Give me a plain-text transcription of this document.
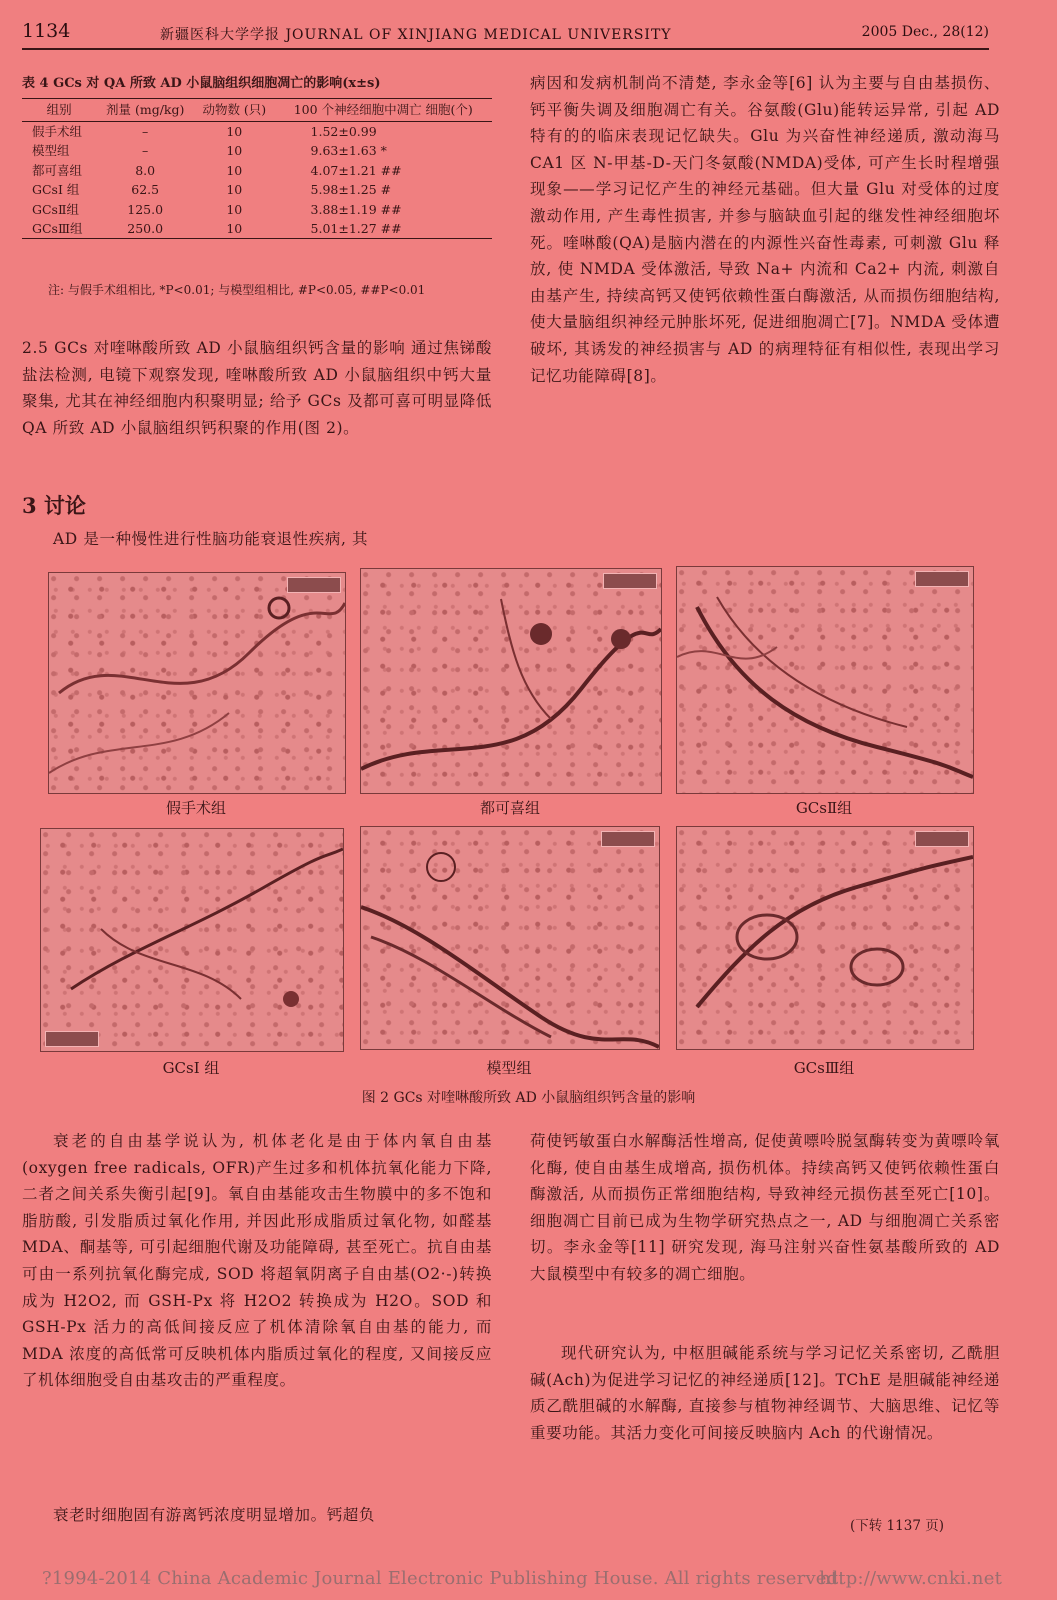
1134	新疆医科大学学报 JOURNAL OF XINJIANG MEDICAL UNIVERSITY	2005 Dec., 28(12)
表 4 GCs 对 QA 所致 AD 小鼠脑组织细胞凋亡的影响(x±s)
组别	剂量 (mg/kg)	动物数 (只)	100 个神经细胞中凋亡 细胞(个)
假手术组	–	10	1.52±0.99
模型组	–	10	9.63±1.63 *
都可喜组	8.0	10	4.07±1.21 ##
GCsⅠ 组	62.5	10	5.98±1.25 #
GCsⅡ组	125.0	10	3.88±1.19 ##
GCsⅢ组	250.0	10	5.01±1.27 ##
注: 与假手术组相比, *P<0.01; 与模型组相比, #P<0.05, ##P<0.01
2.5 GCs 对喹啉酸所致 AD 小鼠脑组织钙含量的影响 通过焦锑酸盐法检测, 电镜下观察发现, 喹啉酸所致 AD 小鼠脑组织中钙大量聚集, 尤其在神经细胞内积聚明显; 给予 GCs 及都可喜可明显降低 QA 所致 AD 小鼠脑组织钙积聚的作用(图 2)。
3 讨论
AD 是一种慢性进行性脑功能衰退性疾病, 其
病因和发病机制尚不清楚, 李永金等[6] 认为主要与自由基损伤、钙平衡失调及细胞凋亡有关。谷氨酸(Glu)能转运异常, 引起 AD 特有的的临床表现记忆缺失。Glu 为兴奋性神经递质, 激动海马 CA1 区 N-甲基-D-天门冬氨酸(NMDA)受体, 可产生长时程增强现象——学习记忆产生的神经元基础。但大量 Glu 对受体的过度激动作用, 产生毒性损害, 并参与脑缺血引起的继发性神经细胞坏死。喹啉酸(QA)是脑内潜在的内源性兴奋性毒素, 可刺激 Glu 释放, 使 NMDA 受体激活, 导致 Na+ 内流和 Ca2+ 内流, 刺激自由基产生, 持续高钙又使钙依赖性蛋白酶激活, 从而损伤细胞结构, 使大量脑组织神经元肿胀坏死, 促进细胞凋亡[7]。NMDA 受体遭破坏, 其诱发的神经损害与 AD 的病理特征有相似性, 表现出学习记忆功能障碍[8]。
假手术组	都可喜组	GCsⅡ组
GCsⅠ 组	模型组	GCsⅢ组
图 2 GCs 对喹啉酸所致 AD 小鼠脑组织钙含量的影响
衰老的自由基学说认为, 机体老化是由于体内氧自由基(oxygen free radicals, OFR)产生过多和机体抗氧化能力下降, 二者之间关系失衡引起[9]。氧自由基能攻击生物膜中的多不饱和脂肪酸, 引发脂质过氧化作用, 并因此形成脂质过氧化物, 如醛基 MDA、酮基等, 可引起细胞代谢及功能障碍, 甚至死亡。抗自由基可由一系列抗氧化酶完成, SOD 将超氧阴离子自由基(O2·-)转换成为 H2O2, 而 GSH-Px 将 H2O2 转换成为 H2O。SOD 和 GSH-Px 活力的高低间接反应了机体清除氧自由基的能力, 而 MDA 浓度的高低常可反映机体内脂质过氧化的程度, 又间接反应了机体细胞受自由基攻击的严重程度。
衰老时细胞固有游离钙浓度明显增加。钙超负
荷使钙敏蛋白水解酶活性增高, 促使黄嘌呤脱氢酶转变为黄嘌呤氧化酶, 使自由基生成增高, 损伤机体。持续高钙又使钙依赖性蛋白酶激活, 从而损伤正常细胞结构, 导致神经元损伤甚至死亡[10]。细胞凋亡目前已成为生物学研究热点之一, AD 与细胞凋亡关系密切。李永金等[11] 研究发现, 海马注射兴奋性氨基酸所致的 AD 大鼠模型中有较多的凋亡细胞。
现代研究认为, 中枢胆碱能系统与学习记忆关系密切, 乙酰胆碱(Ach)为促进学习记忆的神经递质[12]。TChE 是胆碱能神经递质乙酰胆碱的水解酶, 直接参与植物神经调节、大脑思维、记忆等重要功能。其活力变化可间接反映脑内 Ach 的代谢情况。
(下转 1137 页)
?1994-2014 China Academic Journal Electronic Publishing House. All rights reserved.
http://www.cnki.net
